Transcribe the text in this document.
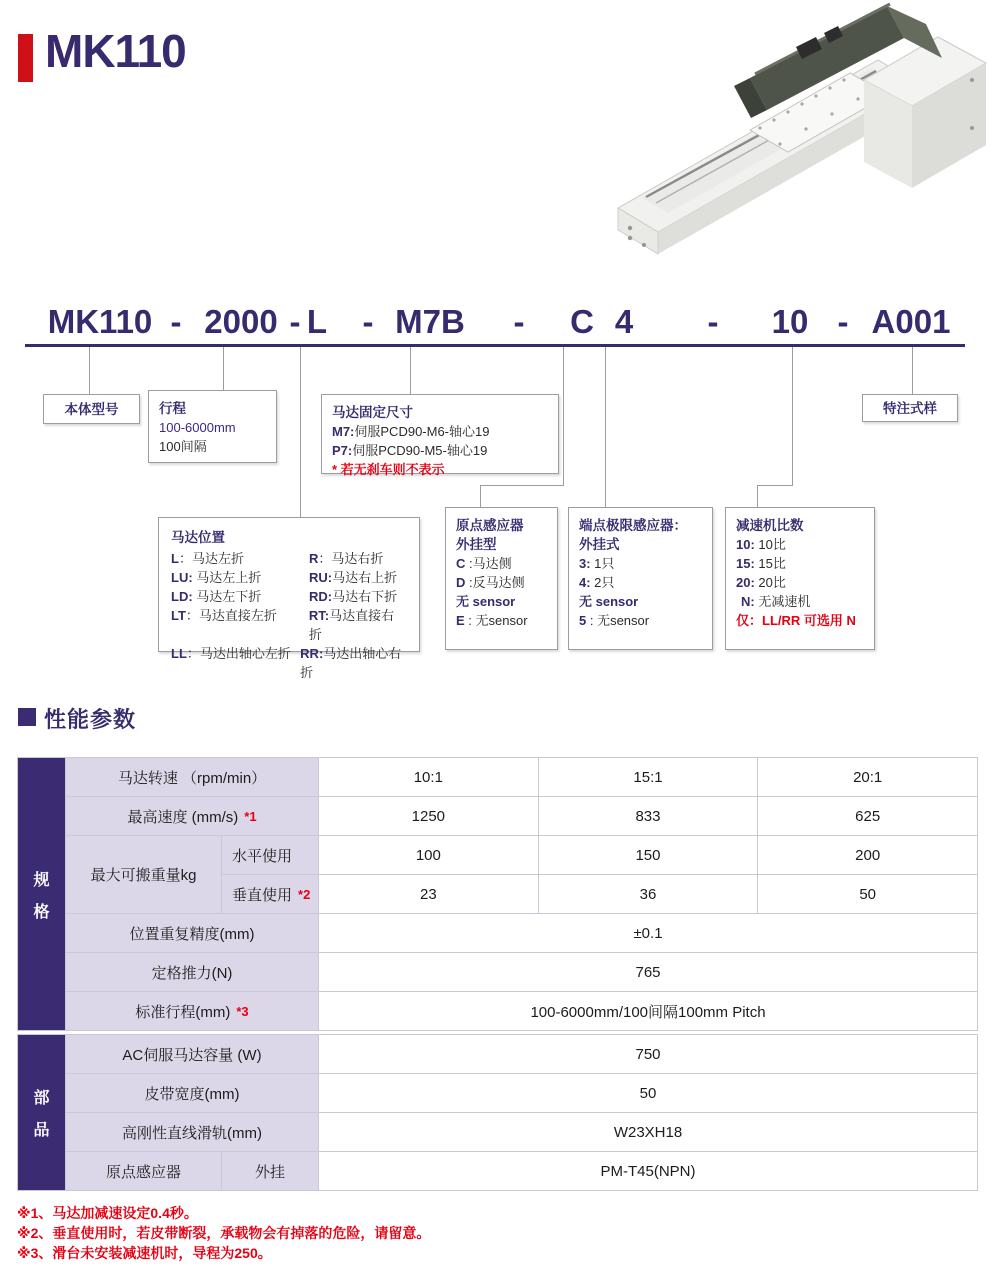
MK110
MK110 - 2000 - L - M7B - C 4 - 10 - A001
本体型号	行程
100-6000mm
100间隔
马达固定尺寸
M7:伺服PCD90-M6-轴心19
P7:伺服PCD90-M5-轴心19
* 若无刹车则不表示
特注式样
马达位置
L：马达左折	R：马达右折
LU: 马达左上折	RU:马达右上折
LD: 马达左下折	RD:马达右下折
LT：马达直接左折	RT:马达直接右折
LL：马达出轴心左折 RR:马达出轴心右折
原点感应器
外挂型
C :马达侧
D :反马达侧
无 sensor
E : 无sensor
端点极限感应器：
外挂式
3: 1只
4: 2只
无 sensor
5 : 无sensor
减速机比数
10: 10比
15: 15比
20: 20比
N: 无减速机
仅：LL/RR 可选用 N
性能参数
规
格
马达转速 （rpm/min）	10:1	15:1	20:1
最高速度 (mm/s) *1	1250	833	625
最大可搬重量kg
水平使用	100	150	200
垂直使用 *2	23	36	50
位置重复精度(mm)	±0.1
定格推力(N)	765
标准行程(mm) *3	100-6000mm/100间隔100mm Pitch
部
品
AC伺服马达容量 (W)	750
皮带宽度(mm)	50
高刚性直线滑轨(mm)	W23XH18
原点感应器	外挂	PM-T45(NPN)
※1、马达加减速设定0.4秒。
※2、垂直使用时，若皮带断裂，承载物会有掉落的危险，请留意。
※3、滑台未安装减速机时，导程为250。
